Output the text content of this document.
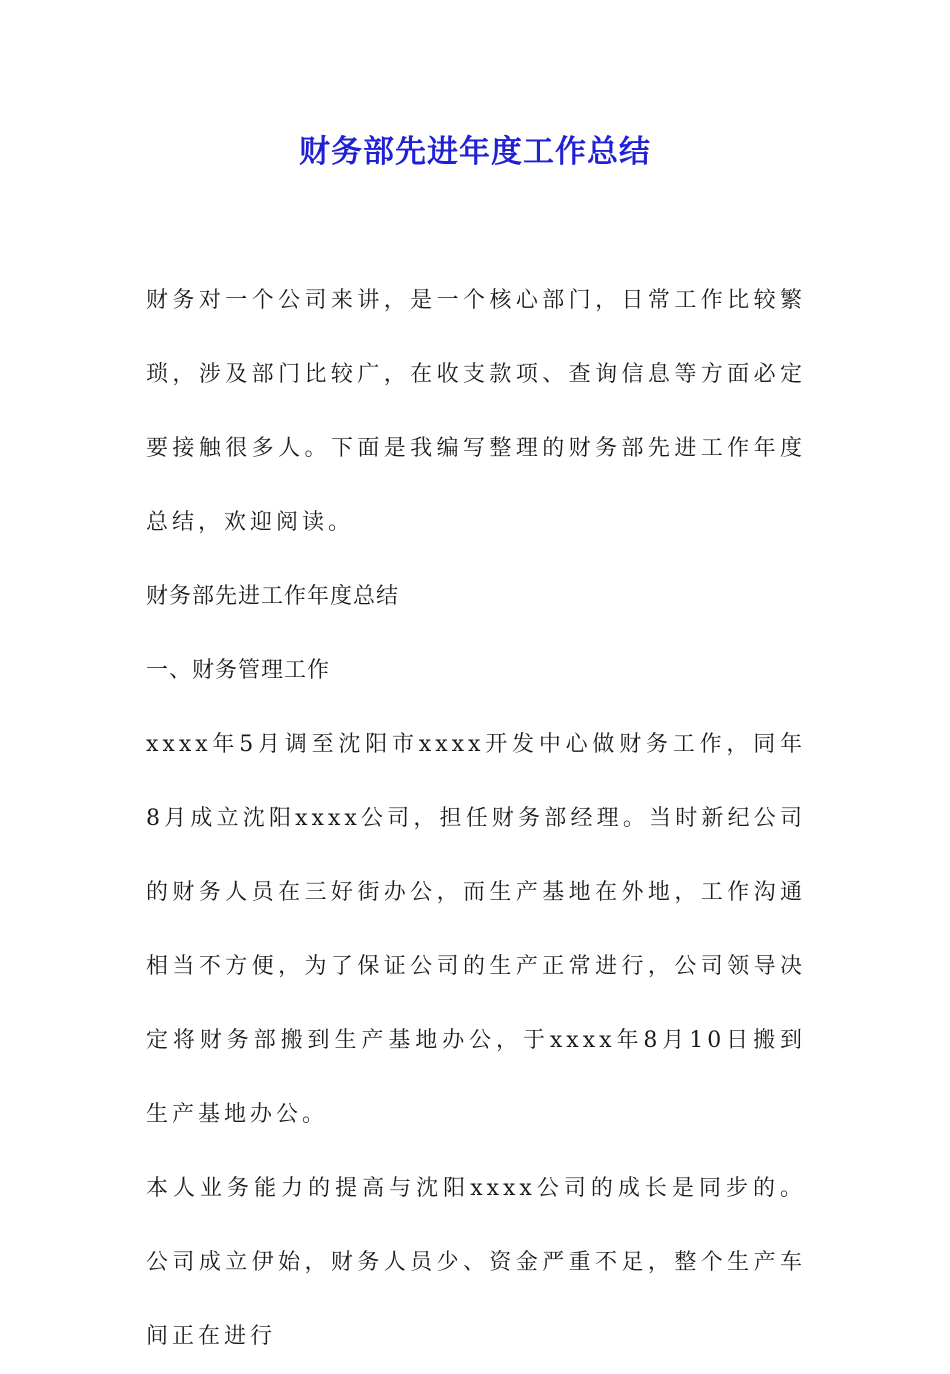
财务部先进年度工作总结

财务对一个公司来讲，是一个核心部门，日常工作比较繁琐，涉及部门比较广，在收支款项、查询信息等方面必定要接触很多人。下面是我编写整理的财务部先进工作年度总结，欢迎阅读。

财务部先进工作年度总结

一、财务管理工作

xxxx年5月调至沈阳市xxxx开发中心做财务工作，同年8月成立沈阳xxxx公司，担任财务部经理。当时新纪公司的财务人员在三好街办公，而生产基地在外地，工作沟通相当不方便，为了保证公司的生产正常进行，公司领导决定将财务部搬到生产基地办公，于xxxx年8月10日搬到生产基地办公。

本人业务能力的提高与沈阳xxxx公司的成长是同步的。公司成立伊始，财务人员少、资金严重不足，整个生产车间正在进行
